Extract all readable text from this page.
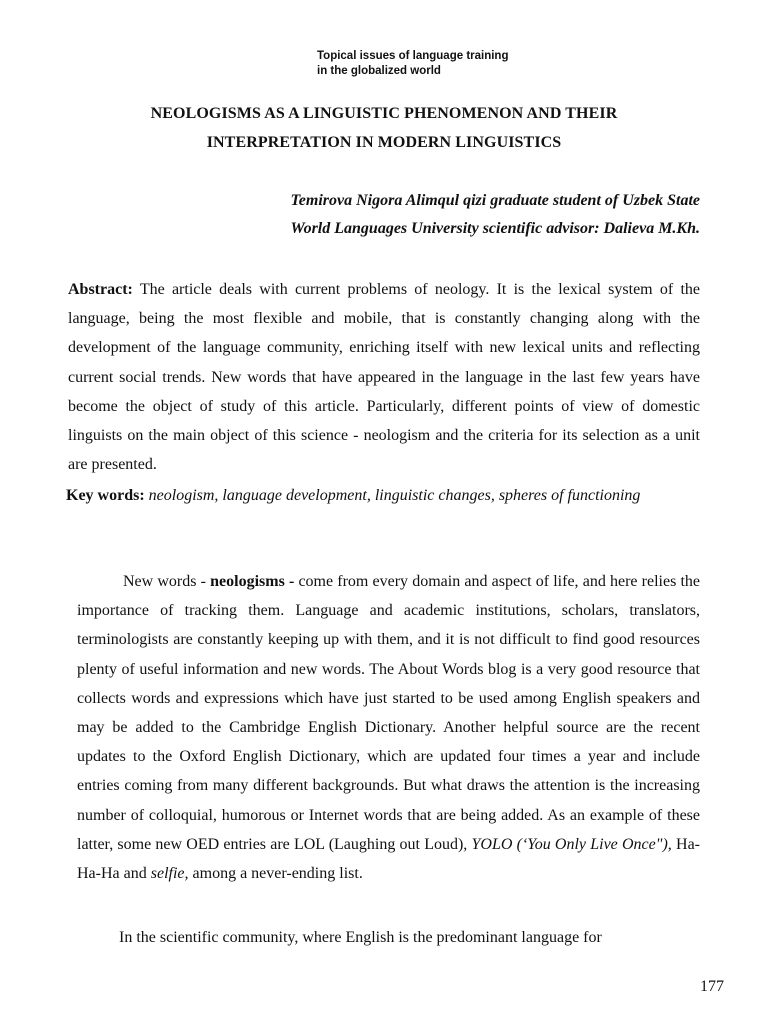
Topical issues of language training
in the globalized world
NEOLOGISMS AS A LINGUISTIC PHENOMENON AND THEIR
INTERPRETATION IN MODERN LINGUISTICS
Temirova Nigora Alimqul qizi graduate student of Uzbek State
World Languages University scientific advisor: Dalieva M.Kh.
Abstract: The article deals with current problems of neology. It is the lexical system of the language, being the most flexible and mobile, that is constantly changing along with the development of the language community, enriching itself with new lexical units and reflecting current social trends. New words that have appeared in the language in the last few years have become the object of study of this article. Particularly, different points of view of domestic linguists on the main object of this science - neologism and the criteria for its selection as a unit are presented.
Key words: neologism, language development, linguistic changes, spheres of functioning
New words - neologisms - come from every domain and aspect of life, and here relies the importance of tracking them. Language and academic institutions, scholars, translators, terminologists are constantly keeping up with them, and it is not difficult to find good resources plenty of useful information and new words. The About Words blog is a very good resource that collects words and expressions which have just started to be used among English speakers and may be added to the Cambridge English Dictionary. Another helpful source are the recent updates to the Oxford English Dictionary, which are updated four times a year and include entries coming from many different backgrounds. But what draws the attention is the increasing number of colloquial, humorous or Internet words that are being added. As an example of these latter, some new OED entries are LOL (Laughing out Loud), YOLO (‘You Only Live Once"), Ha-Ha-Ha and selfie, among a never-ending list.
In the scientific community, where English is the predominant language for
177
